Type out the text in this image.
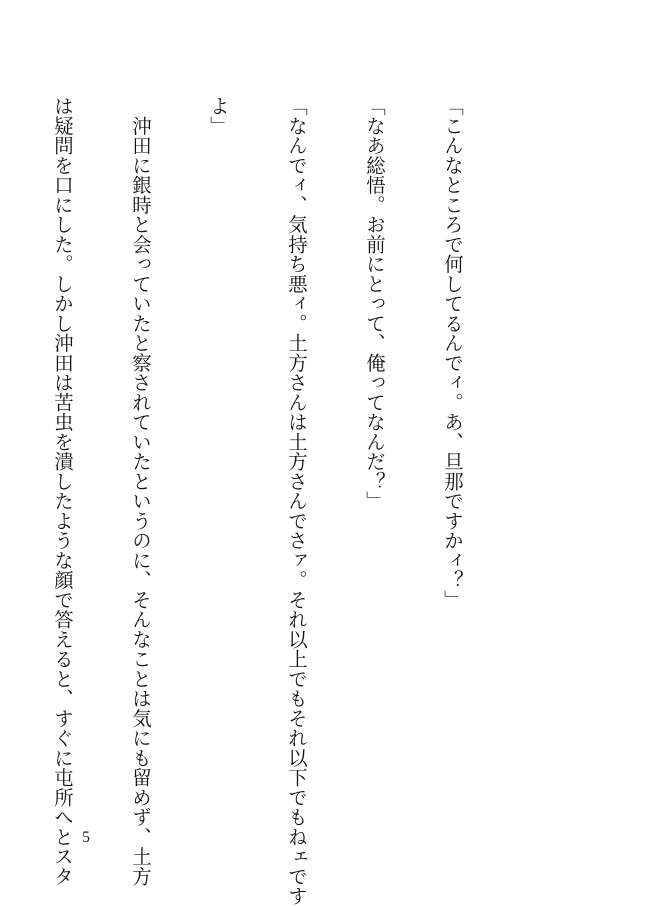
「こんなところで何してるんでィ。あ、旦那ですかィ？」

「なあ総悟。お前にとって、俺ってなんだ？」

「なんでィ、気持ち悪ィ。土方さんは土方さんでさァ。それ以上でもそれ以下でもねェです

よ」

　沖田に銀時と会っていたと察されていたというのに、そんなことは気にも留めず、土方

は疑問を口にした。しかし沖田は苦虫を潰したような顔で答えると、すぐに屯所へとスタ

5
